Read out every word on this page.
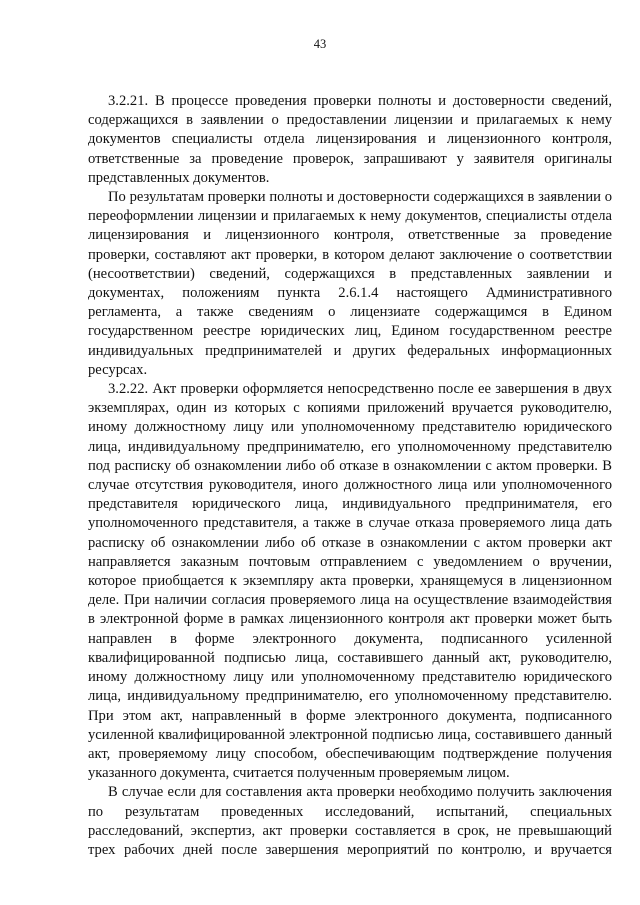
43

3.2.21. В процессе проведения проверки полноты и достоверности сведений, содержащихся в заявлении о предоставлении лицензии и прилагаемых к нему документов специалисты отдела лицензирования и лицензионного контроля, ответственные за проведение проверок, запрашивают у заявителя оригиналы представленных документов.

По результатам проверки полноты и достоверности содержащихся в заявлении о переоформлении лицензии и прилагаемых к нему документов, специалисты отдела лицензирования и лицензионного контроля, ответственные за проведение проверки, составляют акт проверки, в котором делают заключение о соответствии (несоответствии) сведений, содержащихся в представленных заявлении и документах, положениям пункта 2.6.1.4 настоящего Административного регламента, а также сведениям о лицензиате содержащимся в Едином государственном реестре юридических лиц, Едином государственном реестре индивидуальных предпринимателей и других федеральных информационных ресурсах.

3.2.22. Акт проверки оформляется непосредственно после ее завершения в двух экземплярах, один из которых с копиями приложений вручается руководителю, иному должностному лицу или уполномоченному представителю юридического лица, индивидуальному предпринимателю, его уполномоченному представителю под расписку об ознакомлении либо об отказе в ознакомлении с актом проверки. В случае отсутствия руководителя, иного должностного лица или уполномоченного представителя юридического лица, индивидуального предпринимателя, его уполномоченного представителя, а также в случае отказа проверяемого лица дать расписку об ознакомлении либо об отказе в ознакомлении с актом проверки акт направляется заказным почтовым отправлением с уведомлением о вручении, которое приобщается к экземпляру акта проверки, хранящемуся в лицензионном деле. При наличии согласия проверяемого лица на осуществление взаимодействия в электронной форме в рамках лицензионного контроля акт проверки может быть направлен в форме электронного документа, подписанного усиленной квалифицированной подписью лица, составившего данный акт, руководителю, иному должностному лицу или уполномоченному представителю юридического лица, индивидуальному предпринимателю, его уполномоченному представителю. При этом акт, направленный в форме электронного документа, подписанного усиленной квалифицированной электронной подписью лица, составившего данный акт, проверяемому лицу способом, обеспечивающим подтверждение получения указанного документа, считается полученным проверяемым лицом.

В случае если для составления акта проверки необходимо получить заключения по результатам проведенных исследований, испытаний, специальных расследований, экспертиз, акт проверки составляется в срок, не превышающий трех рабочих дней после завершения мероприятий по контролю, и вручается
